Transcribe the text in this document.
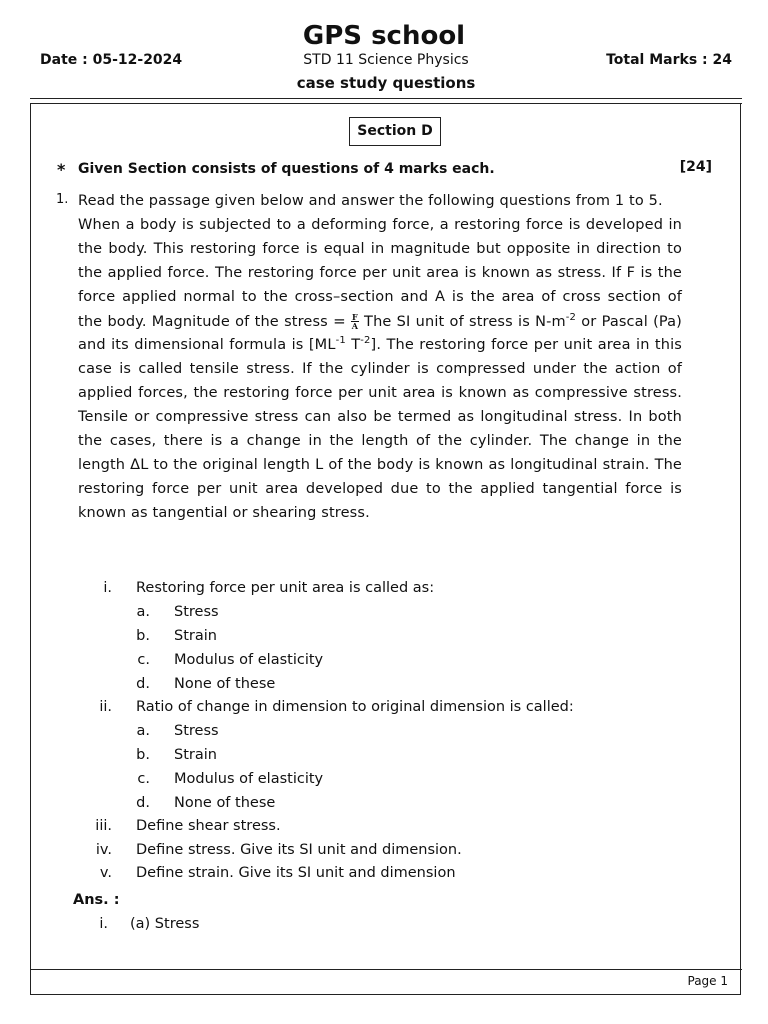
GPS school
Date : 05-12-2024	STD 11 Science Physics	Total Marks : 24
case study questions
Section D
* Given Section consists of questions of 4 marks each.	[24]
1. Read the passage given below and answer the following questions from 1 to 5.

When a body is subjected to a deforming force, a restoring force is developed in the body. This restoring force is equal in magnitude but opposite in direction to the applied force. The restoring force per unit area is known as stress. If F is the force applied normal to the cross–section and A is the area of cross section of the body. Magnitude of the stress = $\frac{F}{A}$ The SI unit of stress is $N-m^{-2}$ or Pascal (Pa) and its dimensional formula is [$ML^{-1}$ $T^{-2}$]. The restoring force per unit area in this case is called tensile stress. If the cylinder is compressed under the action of applied forces, the restoring force per unit area is known as compressive stress. Tensile or compressive stress can also be termed as longitudinal stress. In both the cases, there is a change in the length of the cylinder. The change in the length ΔL to the original length L of the body is known as longitudinal strain. The restoring force per unit area developed due to the applied tangential force is known as tangential or shearing stress.

i. Restoring force per unit area is called as:
a. Stress
b. Strain
c. Modulus of elasticity
d. None of these
ii. Ratio of change in dimension to original dimension is called:
a. Stress
b. Strain
c. Modulus of elasticity
d. None of these
iii. Define shear stress.
iv. Define stress. Give its SI unit and dimension.
v. Define strain. Give its SI unit and dimension
Ans. :
i. (a) Stress
Page 1
